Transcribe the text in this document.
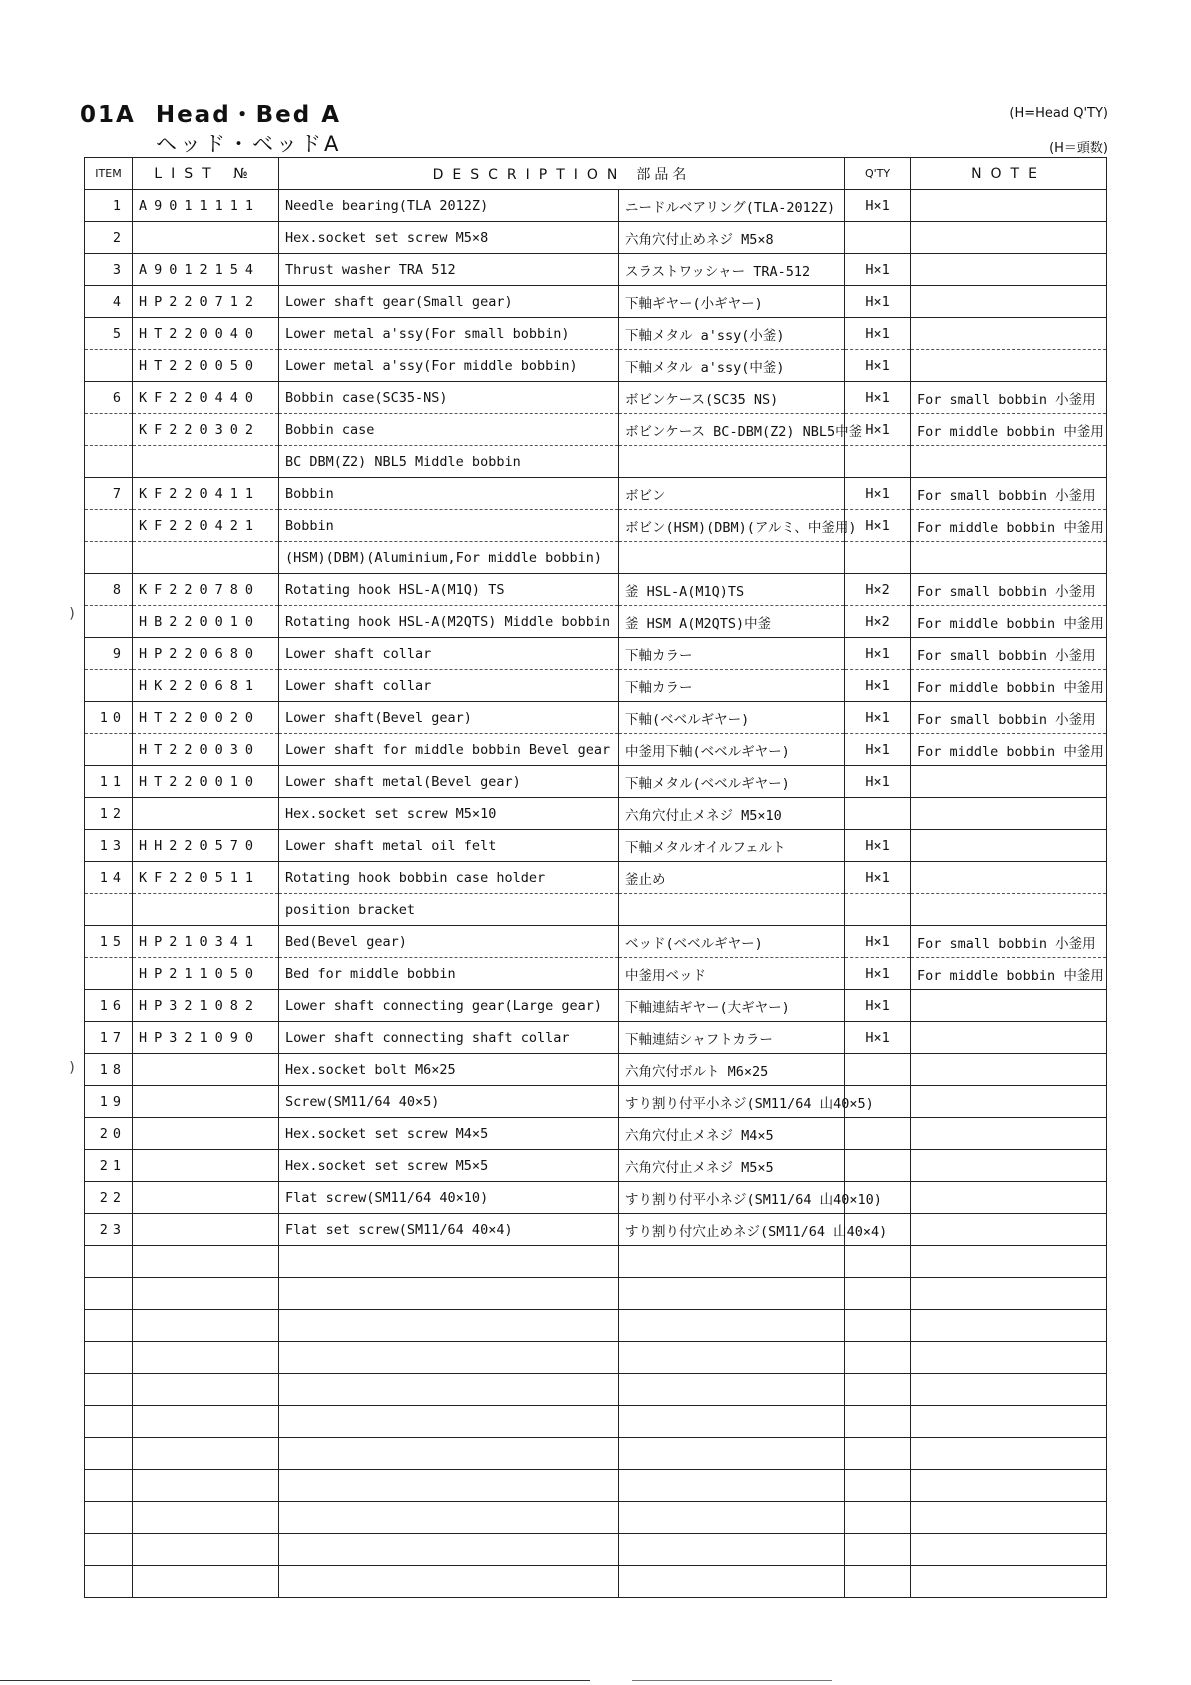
01A  Head・Bed A
ヘッド・ベッドA
(H=Head Q'TY)
(H＝頭数)
ITEM	LIST №	DESCRIPTION 部品名		Q'TY	NOTE
1	A9011111	Needle bearing(TLA 2012Z)	ニードルベアリング(TLA-2012Z)	H×1	
2		Hex.socket set screw M5×8	六角穴付止めネジ M5×8		
3	A9012154	Thrust washer TRA 512	スラストワッシャー TRA-512	H×1	
4	HP220712	Lower shaft gear(Small gear)	下軸ギヤー(小ギヤー)	H×1	
5	HT220040	Lower metal a'ssy(For small bobbin)	下軸メタル a'ssy(小釜)	H×1	
	HT220050	Lower metal a'ssy(For middle bobbin)	下軸メタル a'ssy(中釜)	H×1	
6	KF220440	Bobbin case(SC35-NS)	ボビンケース(SC35 NS)	H×1	For small bobbin 小釜用
	KF220302	Bobbin case	ボビンケース BC-DBM(Z2) NBL5中釜	H×1	For middle bobbin 中釜用
		BC DBM(Z2) NBL5 Middle bobbin			
7	KF220411	Bobbin	ボビン	H×1	For small bobbin 小釜用
	KF220421	Bobbin	ボビン(HSM)(DBM)(アルミ、中釜用)	H×1	For middle bobbin 中釜用
		(HSM)(DBM)(Aluminium,For middle bobbin)			
8	KF220780	Rotating hook HSL-A(M1Q) TS	釜 HSL-A(M1Q)TS	H×2	For small bobbin 小釜用
	HB220010	Rotating hook HSL-A(M2QTS) Middle bobbin	釜 HSM A(M2QTS)中釜	H×2	For middle bobbin 中釜用
9	HP220680	Lower shaft collar	下軸カラー	H×1	For small bobbin 小釜用
	HK220681	Lower shaft collar	下軸カラー	H×1	For middle bobbin 中釜用
10	HT220020	Lower shaft(Bevel gear)	下軸(ベベルギヤー)	H×1	For small bobbin 小釜用
	HT220030	Lower shaft for middle bobbin Bevel gear	中釜用下軸(ベベルギヤー)	H×1	For middle bobbin 中釜用
11	HT220010	Lower shaft metal(Bevel gear)	下軸メタル(ベベルギヤー)	H×1	
12		Hex.socket set screw M5×10	六角穴付止メネジ M5×10		
13	HH220570	Lower shaft metal oil felt	下軸メタルオイルフェルト	H×1	
14	KF220511	Rotating hook bobbin case holder	釜止め	H×1	
		position bracket			
15	HP210341	Bed(Bevel gear)	ベッド(ベベルギヤー)	H×1	For small bobbin 小釜用
	HP211050	Bed for middle bobbin	中釜用ベッド	H×1	For middle bobbin 中釜用
16	HP321082	Lower shaft connecting gear(Large gear)	下軸連結ギヤー(大ギヤー)	H×1	
17	HP321090	Lower shaft connecting shaft collar	下軸連結シャフトカラー	H×1	
18		Hex.socket bolt M6×25	六角穴付ボルト M6×25		
19		Screw(SM11/64 40×5)	すり割り付平小ネジ(SM11/64 山40×5)		
20		Hex.socket set screw M4×5	六角穴付止メネジ M4×5		
21		Hex.socket set screw M5×5	六角穴付止メネジ M5×5		
22		Flat screw(SM11/64 40×10)	すり割り付平小ネジ(SM11/64 山40×10)		
23		Flat set screw(SM11/64 40×4)	すり割り付穴止めネジ(SM11/64 山40×4)		

)
)
